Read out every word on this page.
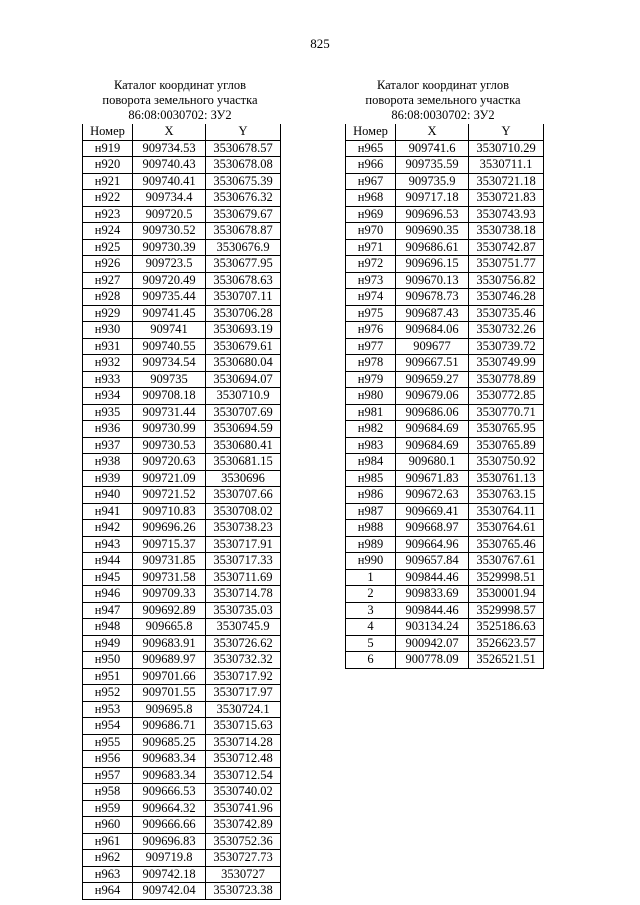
825
Каталог координат углов
поворота земельного участка
86:08:0030702: ЗУ2
Номер	X	Y
н919	909734.53	3530678.57
н920	909740.43	3530678.08
н921	909740.41	3530675.39
н922	909734.4	3530676.32
н923	909720.5	3530679.67
н924	909730.52	3530678.87
н925	909730.39	3530676.9
н926	909723.5	3530677.95
н927	909720.49	3530678.63
н928	909735.44	3530707.11
н929	909741.45	3530706.28
н930	909741	3530693.19
н931	909740.55	3530679.61
н932	909734.54	3530680.04
н933	909735	3530694.07
н934	909708.18	3530710.9
н935	909731.44	3530707.69
н936	909730.99	3530694.59
н937	909730.53	3530680.41
н938	909720.63	3530681.15
н939	909721.09	3530696
н940	909721.52	3530707.66
н941	909710.83	3530708.02
н942	909696.26	3530738.23
н943	909715.37	3530717.91
н944	909731.85	3530717.33
н945	909731.58	3530711.69
н946	909709.33	3530714.78
н947	909692.89	3530735.03
н948	909665.8	3530745.9
н949	909683.91	3530726.62
н950	909689.97	3530732.32
н951	909701.66	3530717.92
н952	909701.55	3530717.97
н953	909695.8	3530724.1
н954	909686.71	3530715.63
н955	909685.25	3530714.28
н956	909683.34	3530712.48
н957	909683.34	3530712.54
н958	909666.53	3530740.02
н959	909664.32	3530741.96
н960	909666.66	3530742.89
н961	909696.83	3530752.36
н962	909719.8	3530727.73
н963	909742.18	3530727
н964	909742.04	3530723.38
Каталог координат углов
поворота земельного участка
86:08:0030702: ЗУ2
Номер	X	Y
н965	909741.6	3530710.29
н966	909735.59	3530711.1
н967	909735.9	3530721.18
н968	909717.18	3530721.83
н969	909696.53	3530743.93
н970	909690.35	3530738.18
н971	909686.61	3530742.87
н972	909696.15	3530751.77
н973	909670.13	3530756.82
н974	909678.73	3530746.28
н975	909687.43	3530735.46
н976	909684.06	3530732.26
н977	909677	3530739.72
н978	909667.51	3530749.99
н979	909659.27	3530778.89
н980	909679.06	3530772.85
н981	909686.06	3530770.71
н982	909684.69	3530765.95
н983	909684.69	3530765.89
н984	909680.1	3530750.92
н985	909671.83	3530761.13
н986	909672.63	3530763.15
н987	909669.41	3530764.11
н988	909668.97	3530764.61
н989	909664.96	3530765.46
н990	909657.84	3530767.61
1	909844.46	3529998.51
2	909833.69	3530001.94
3	909844.46	3529998.57
4	903134.24	3525186.63
5	900942.07	3526623.57
6	900778.09	3526521.51
